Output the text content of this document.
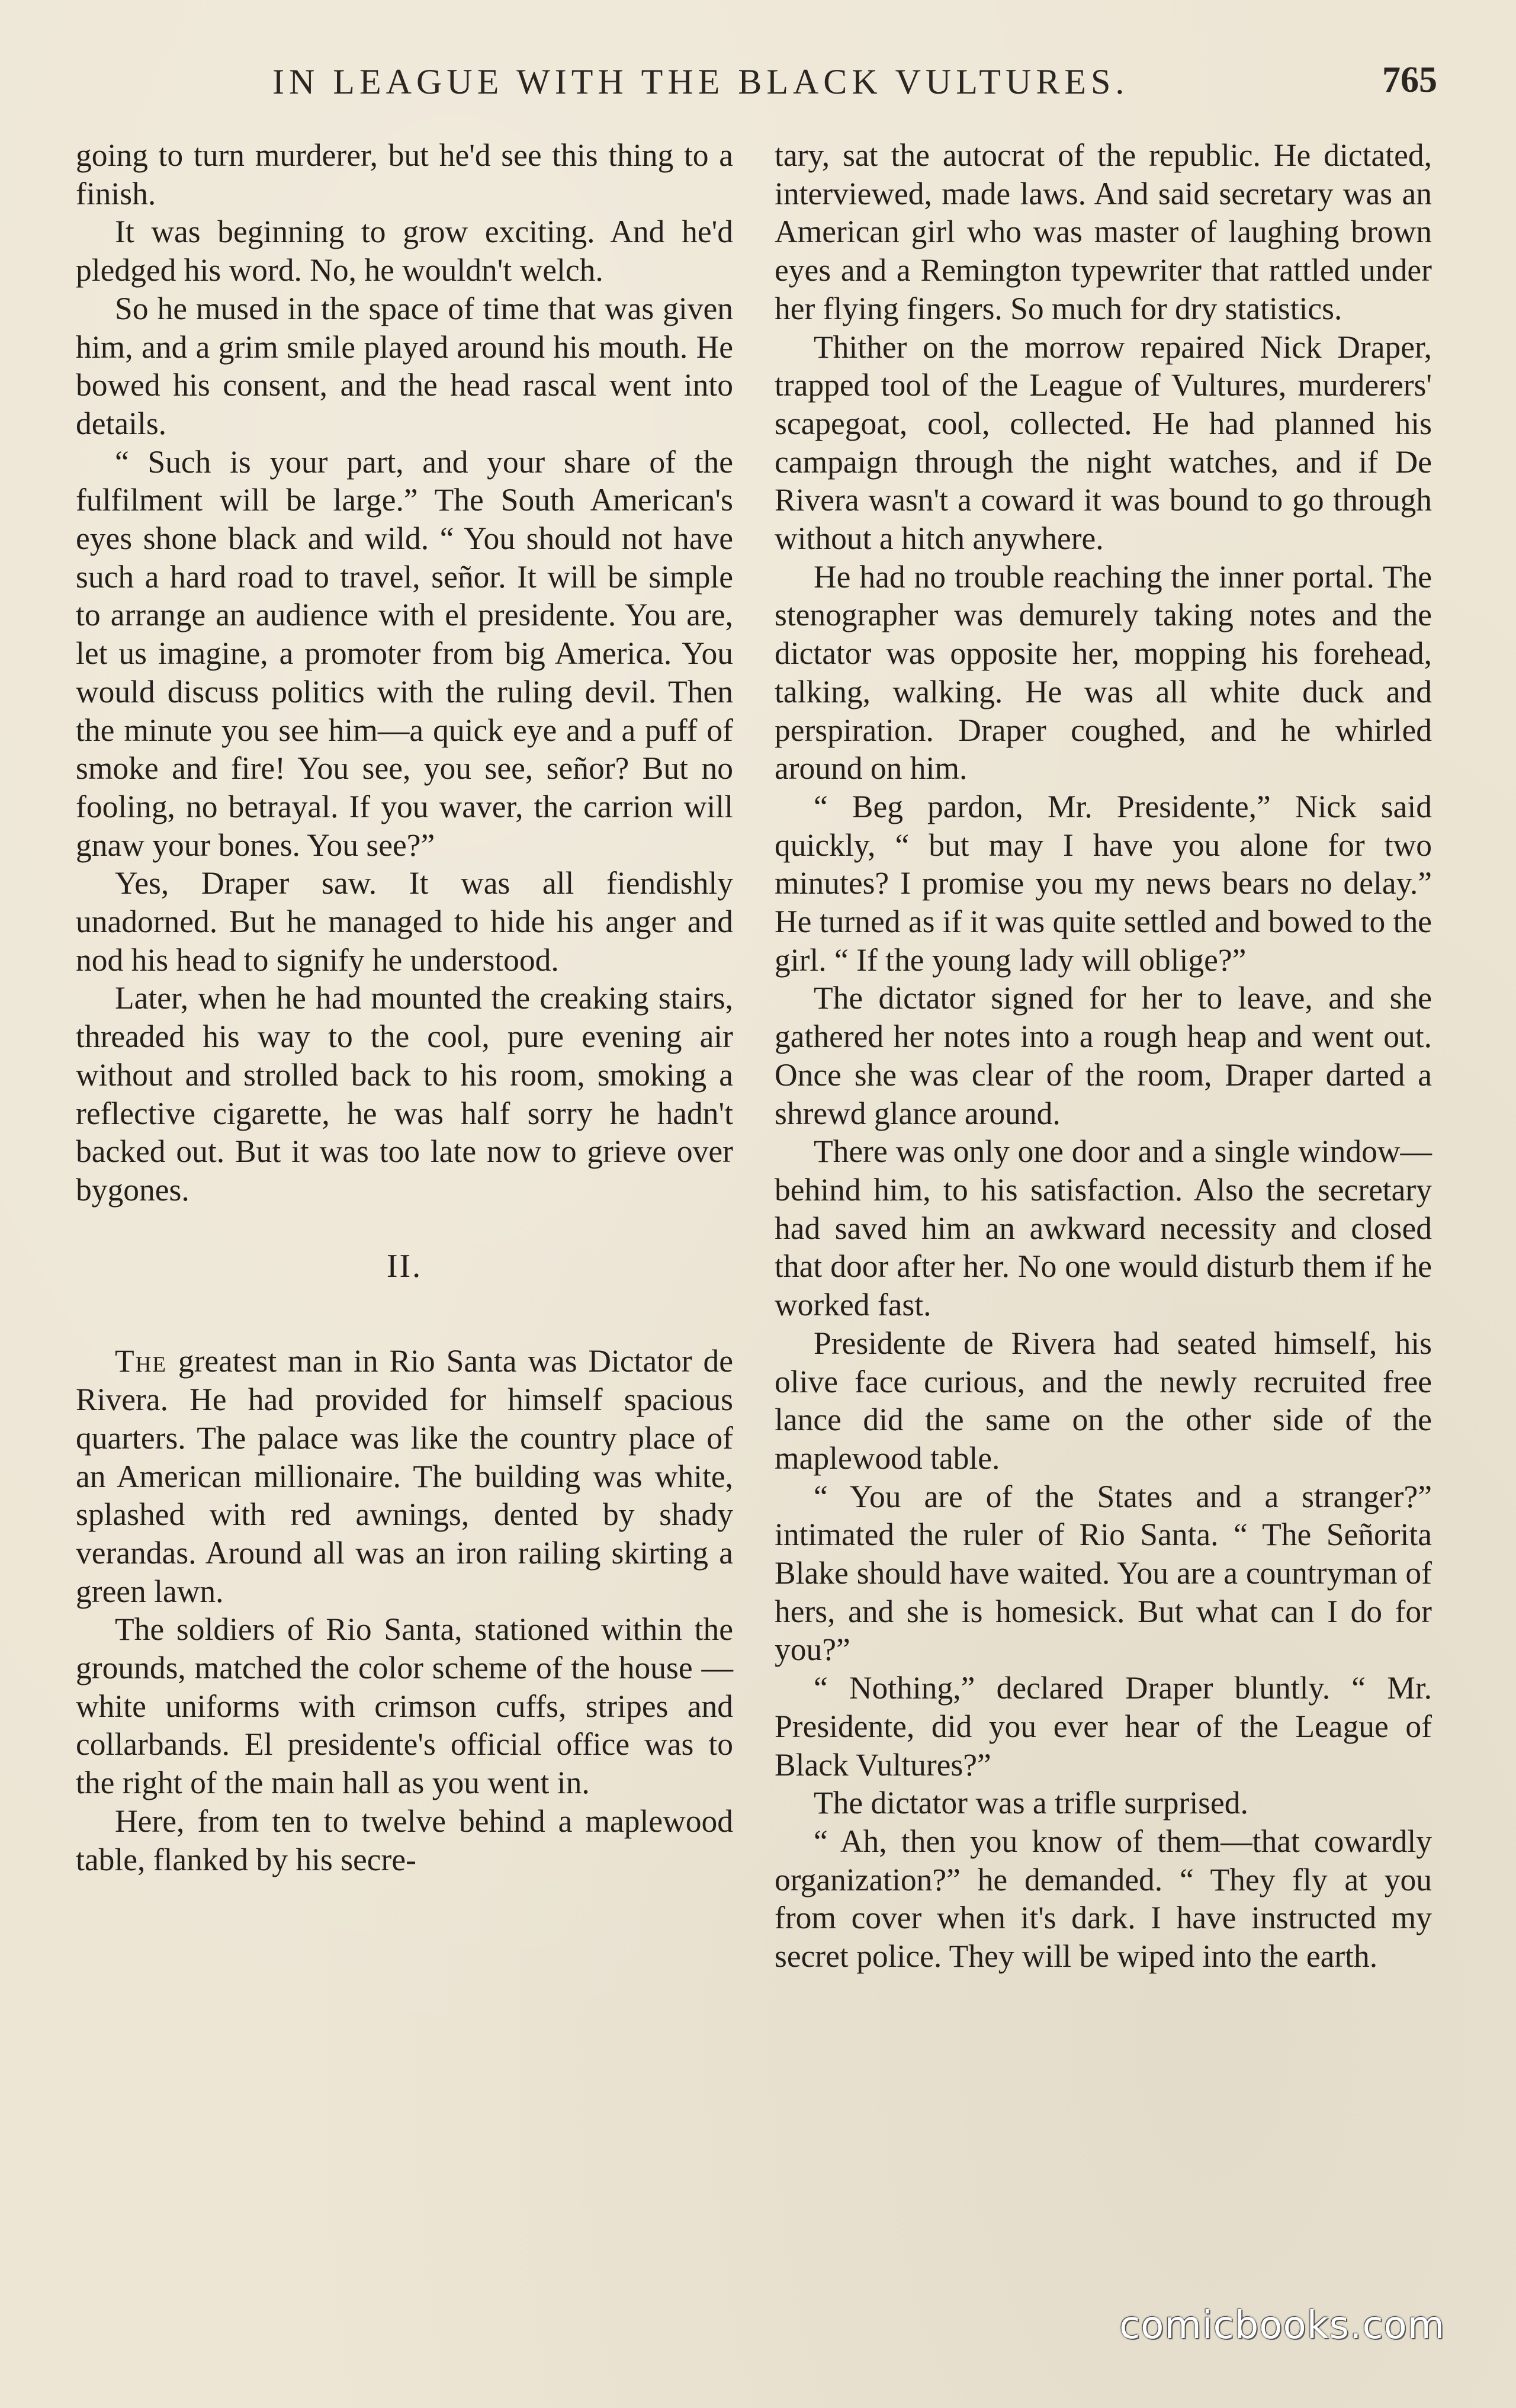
IN LEAGUE WITH THE BLACK VULTURES.	765

going to turn murderer, but he'd see this thing to a finish.

It was beginning to grow exciting. And he'd pledged his word. No, he wouldn't welch.

So he mused in the space of time that was given him, and a grim smile played around his mouth. He bowed his consent, and the head rascal went into details.

“ Such is your part, and your share of the fulfilment will be large.” The South American's eyes shone black and wild. “ You should not have such a hard road to travel, señor. It will be simple to arrange an audience with el presidente. You are, let us imagine, a promoter from big America. You would discuss politics with the ruling devil. Then the minute you see him—a quick eye and a puff of smoke and fire! You see, you see, señor? But no fooling, no betrayal. If you waver, the carrion will gnaw your bones. You see?”

Yes, Draper saw. It was all fiendishly unadorned. But he managed to hide his anger and nod his head to signify he understood.

Later, when he had mounted the creaking stairs, threaded his way to the cool, pure evening air without and strolled back to his room, smoking a reflective cigarette, he was half sorry he hadn't backed out. But it was too late now to grieve over bygones.

II.

The greatest man in Rio Santa was Dictator de Rivera. He had provided for himself spacious quarters. The palace was like the country place of an American millionaire. The building was white, splashed with red awnings, dented by shady verandas. Around all was an iron railing skirting a green lawn.

The soldiers of Rio Santa, stationed within the grounds, matched the color scheme of the house — white uniforms with crimson cuffs, stripes and collarbands. El presidente's official office was to the right of the main hall as you went in.

Here, from ten to twelve behind a maplewood table, flanked by his secre-

tary, sat the autocrat of the republic. He dictated, interviewed, made laws. And said secretary was an American girl who was master of laughing brown eyes and a Remington typewriter that rattled under her flying fingers. So much for dry statistics.

Thither on the morrow repaired Nick Draper, trapped tool of the League of Vultures, murderers' scapegoat, cool, collected. He had planned his campaign through the night watches, and if De Rivera wasn't a coward it was bound to go through without a hitch anywhere.

He had no trouble reaching the inner portal. The stenographer was demurely taking notes and the dictator was opposite her, mopping his forehead, talking, walking. He was all white duck and perspiration. Draper coughed, and he whirled around on him.

“ Beg pardon, Mr. Presidente,” Nick said quickly, “ but may I have you alone for two minutes? I promise you my news bears no delay.” He turned as if it was quite settled and bowed to the girl. “ If the young lady will oblige?”

The dictator signed for her to leave, and she gathered her notes into a rough heap and went out. Once she was clear of the room, Draper darted a shrewd glance around.

There was only one door and a single window—behind him, to his satisfaction. Also the secretary had saved him an awkward necessity and closed that door after her. No one would disturb them if he worked fast.

Presidente de Rivera had seated himself, his olive face curious, and the newly recruited free lance did the same on the other side of the maplewood table.

“ You are of the States and a stranger?” intimated the ruler of Rio Santa. “ The Señorita Blake should have waited. You are a countryman of hers, and she is homesick. But what can I do for you?”

“ Nothing,” declared Draper bluntly. “ Mr. Presidente, did you ever hear of the League of Black Vultures?”

The dictator was a trifle surprised.

“ Ah, then you know of them—that cowardly organization?” he demanded. “ They fly at you from cover when it's dark. I have instructed my secret police. They will be wiped into the earth.

comicbooks.com
